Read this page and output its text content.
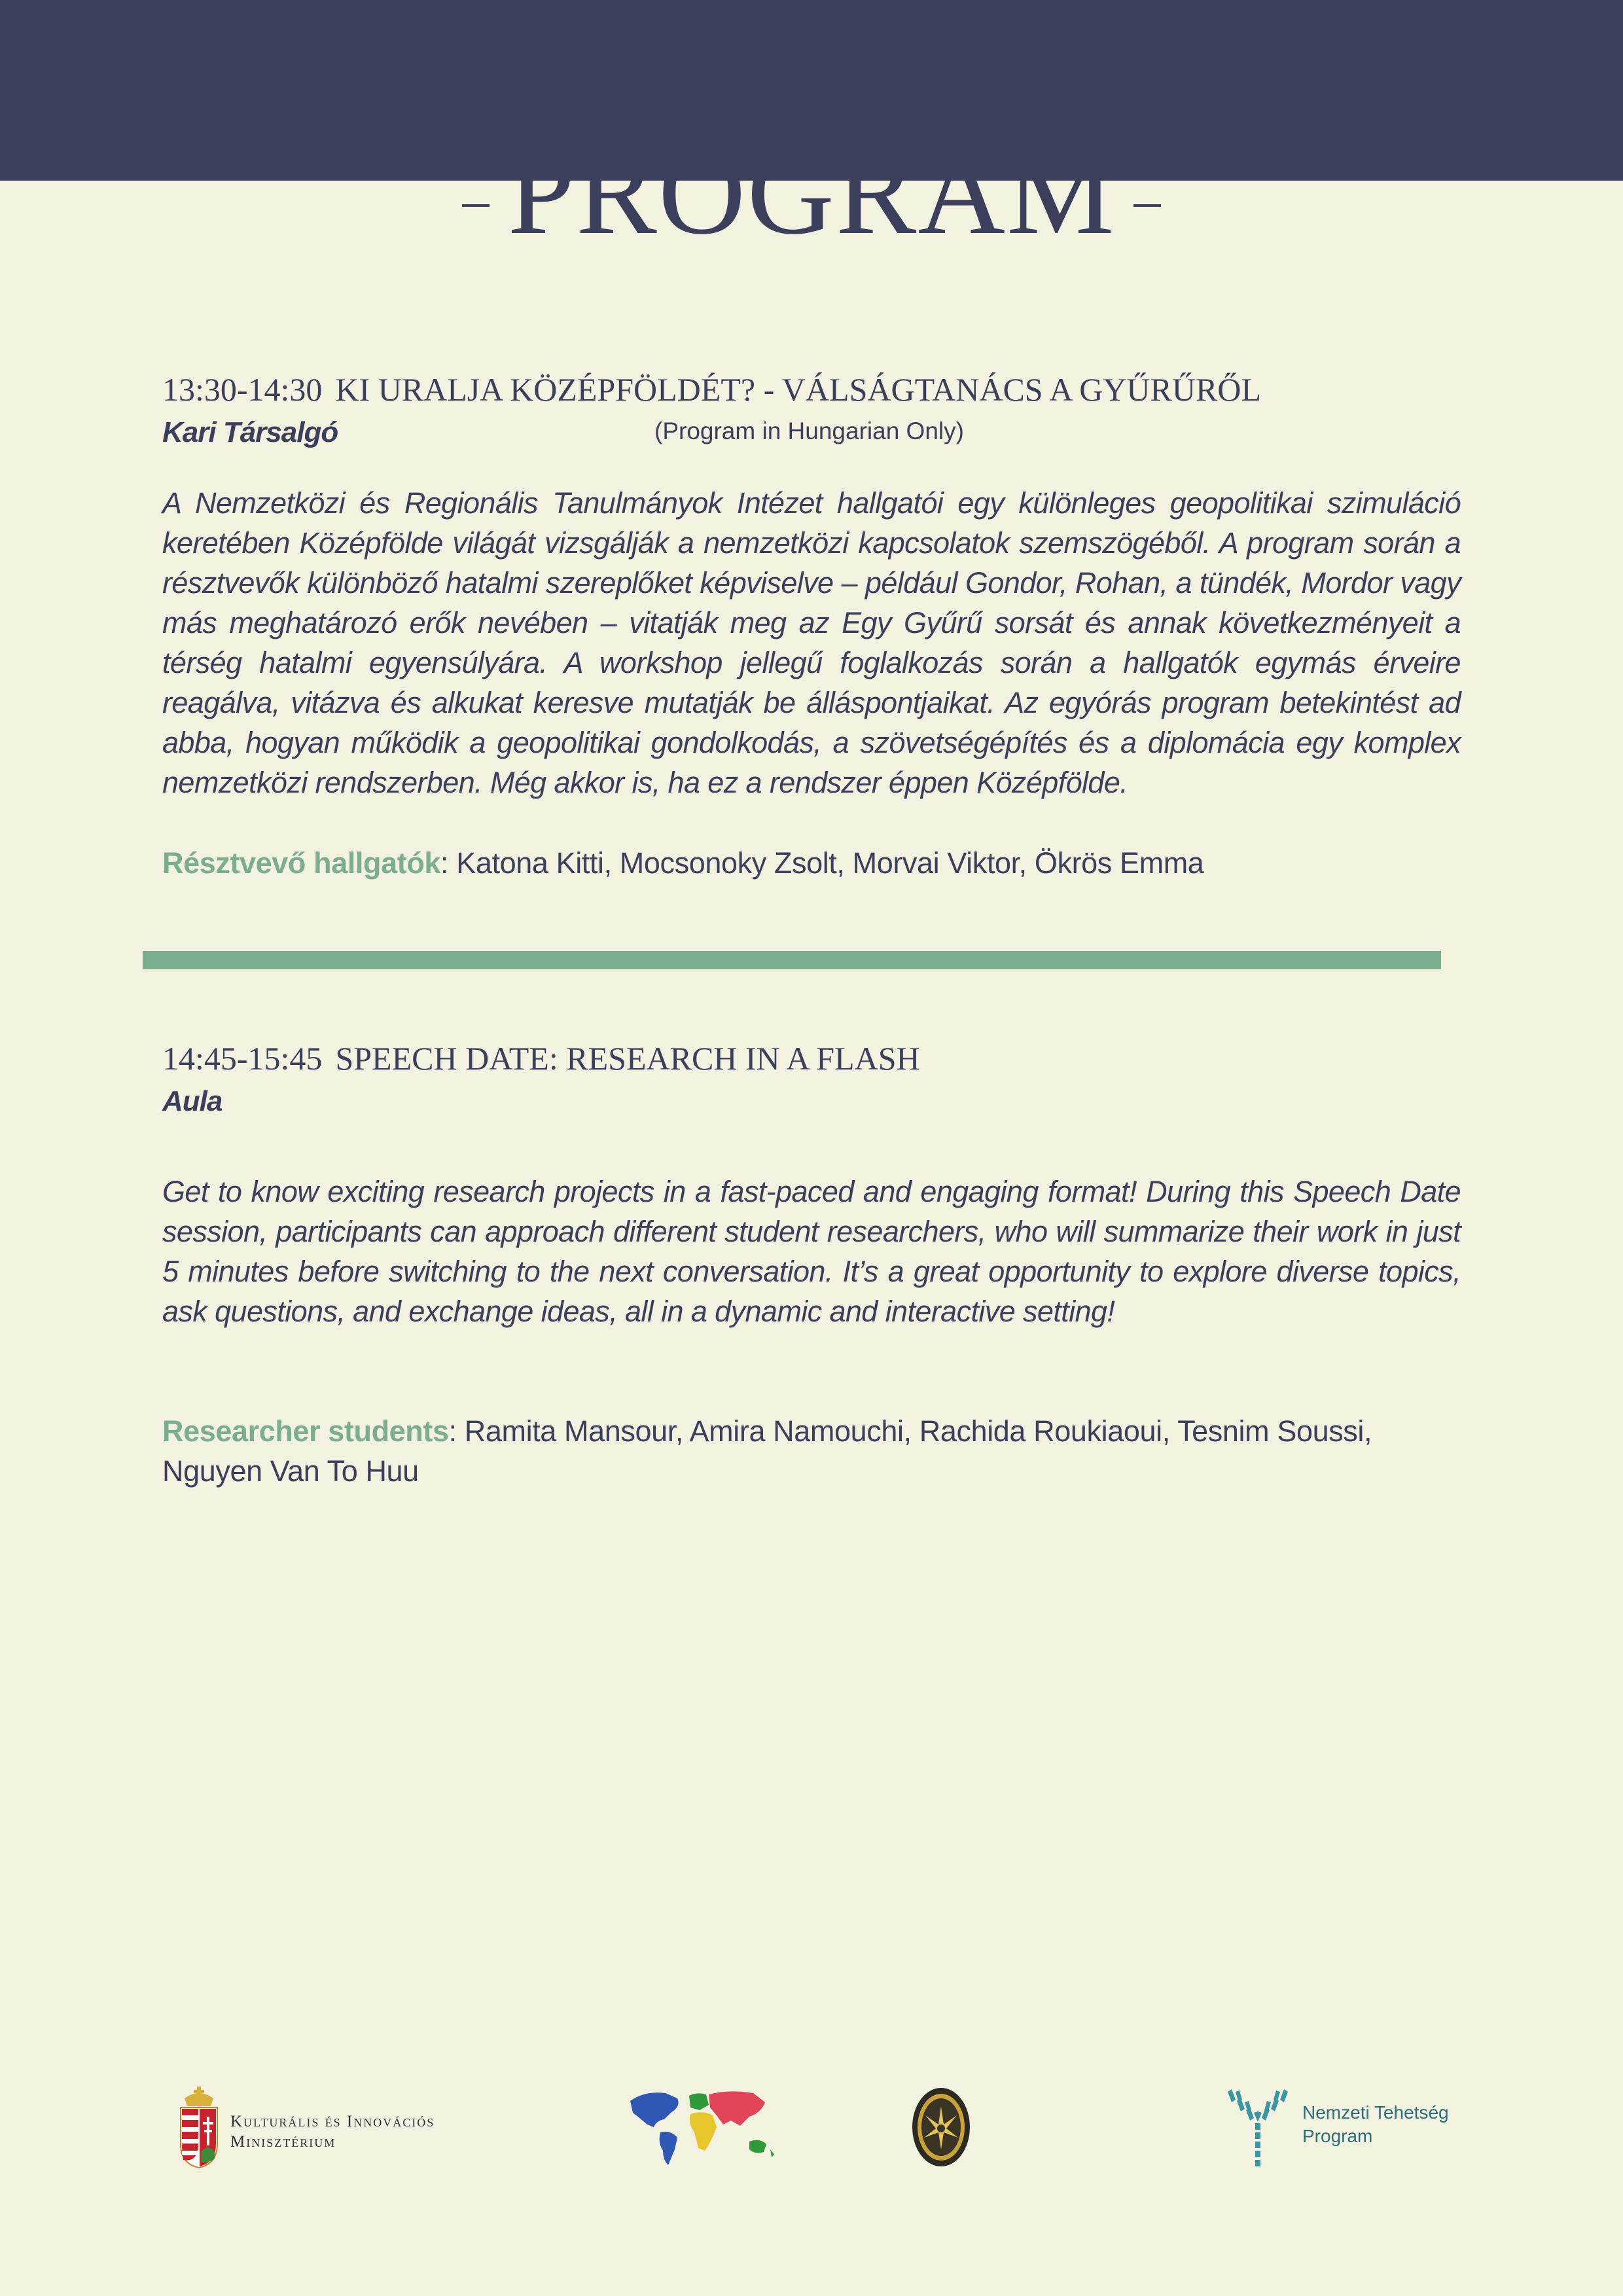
PROGRAM
13:30-14:30 KI URALJA KÖZÉPFÖLDÉT? - VÁLSÁGTANÁCS A GYŰRŰRŐL
Kari Társalgó	(Program in Hungarian Only)

A Nemzetközi és Regionális Tanulmányok Intézet hallgatói egy különleges geopolitikai szimuláció keretében Középfölde világát vizsgálják a nemzetközi kapcsolatok szemszögéből. A program során a résztvevők különböző hatalmi szereplőket képviselve – például Gondor, Rohan, a tündék, Mordor vagy más meghatározó erők nevében – vitatják meg az Egy Gyűrű sorsát és annak következményeit a térség hatalmi egyensúlyára. A workshop jellegű foglalkozás során a hallgatók egymás érveire reagálva, vitázva és alkukat keresve mutatják be álláspontjaikat. Az egyórás program betekintést ad abba, hogyan működik a geopolitikai gondolkodás, a szövetségépítés és a diplomácia egy komplex nemzetközi rendszerben. Még akkor is, ha ez a rendszer éppen Középfölde.

Résztvevő hallgatók: Katona Kitti, Mocsonoky Zsolt, Morvai Viktor, Ökrös Emma

14:45-15:45 SPEECH DATE: RESEARCH IN A FLASH
Aula

Get to know exciting research projects in a fast-paced and engaging format! During this Speech Date session, participants can approach different student researchers, who will summarize their work in just 5 minutes before switching to the next conversation. It’s a great opportunity to explore diverse topics, ask questions, and exchange ideas, all in a dynamic and interactive setting!

Researcher students: Ramita Mansour, Amira Namouchi, Rachida Roukiaoui, Tesnim Soussi, Nguyen Van To Huu

Kulturális és Innovációs
Minisztérium
Nemzeti Tehetség
Program
